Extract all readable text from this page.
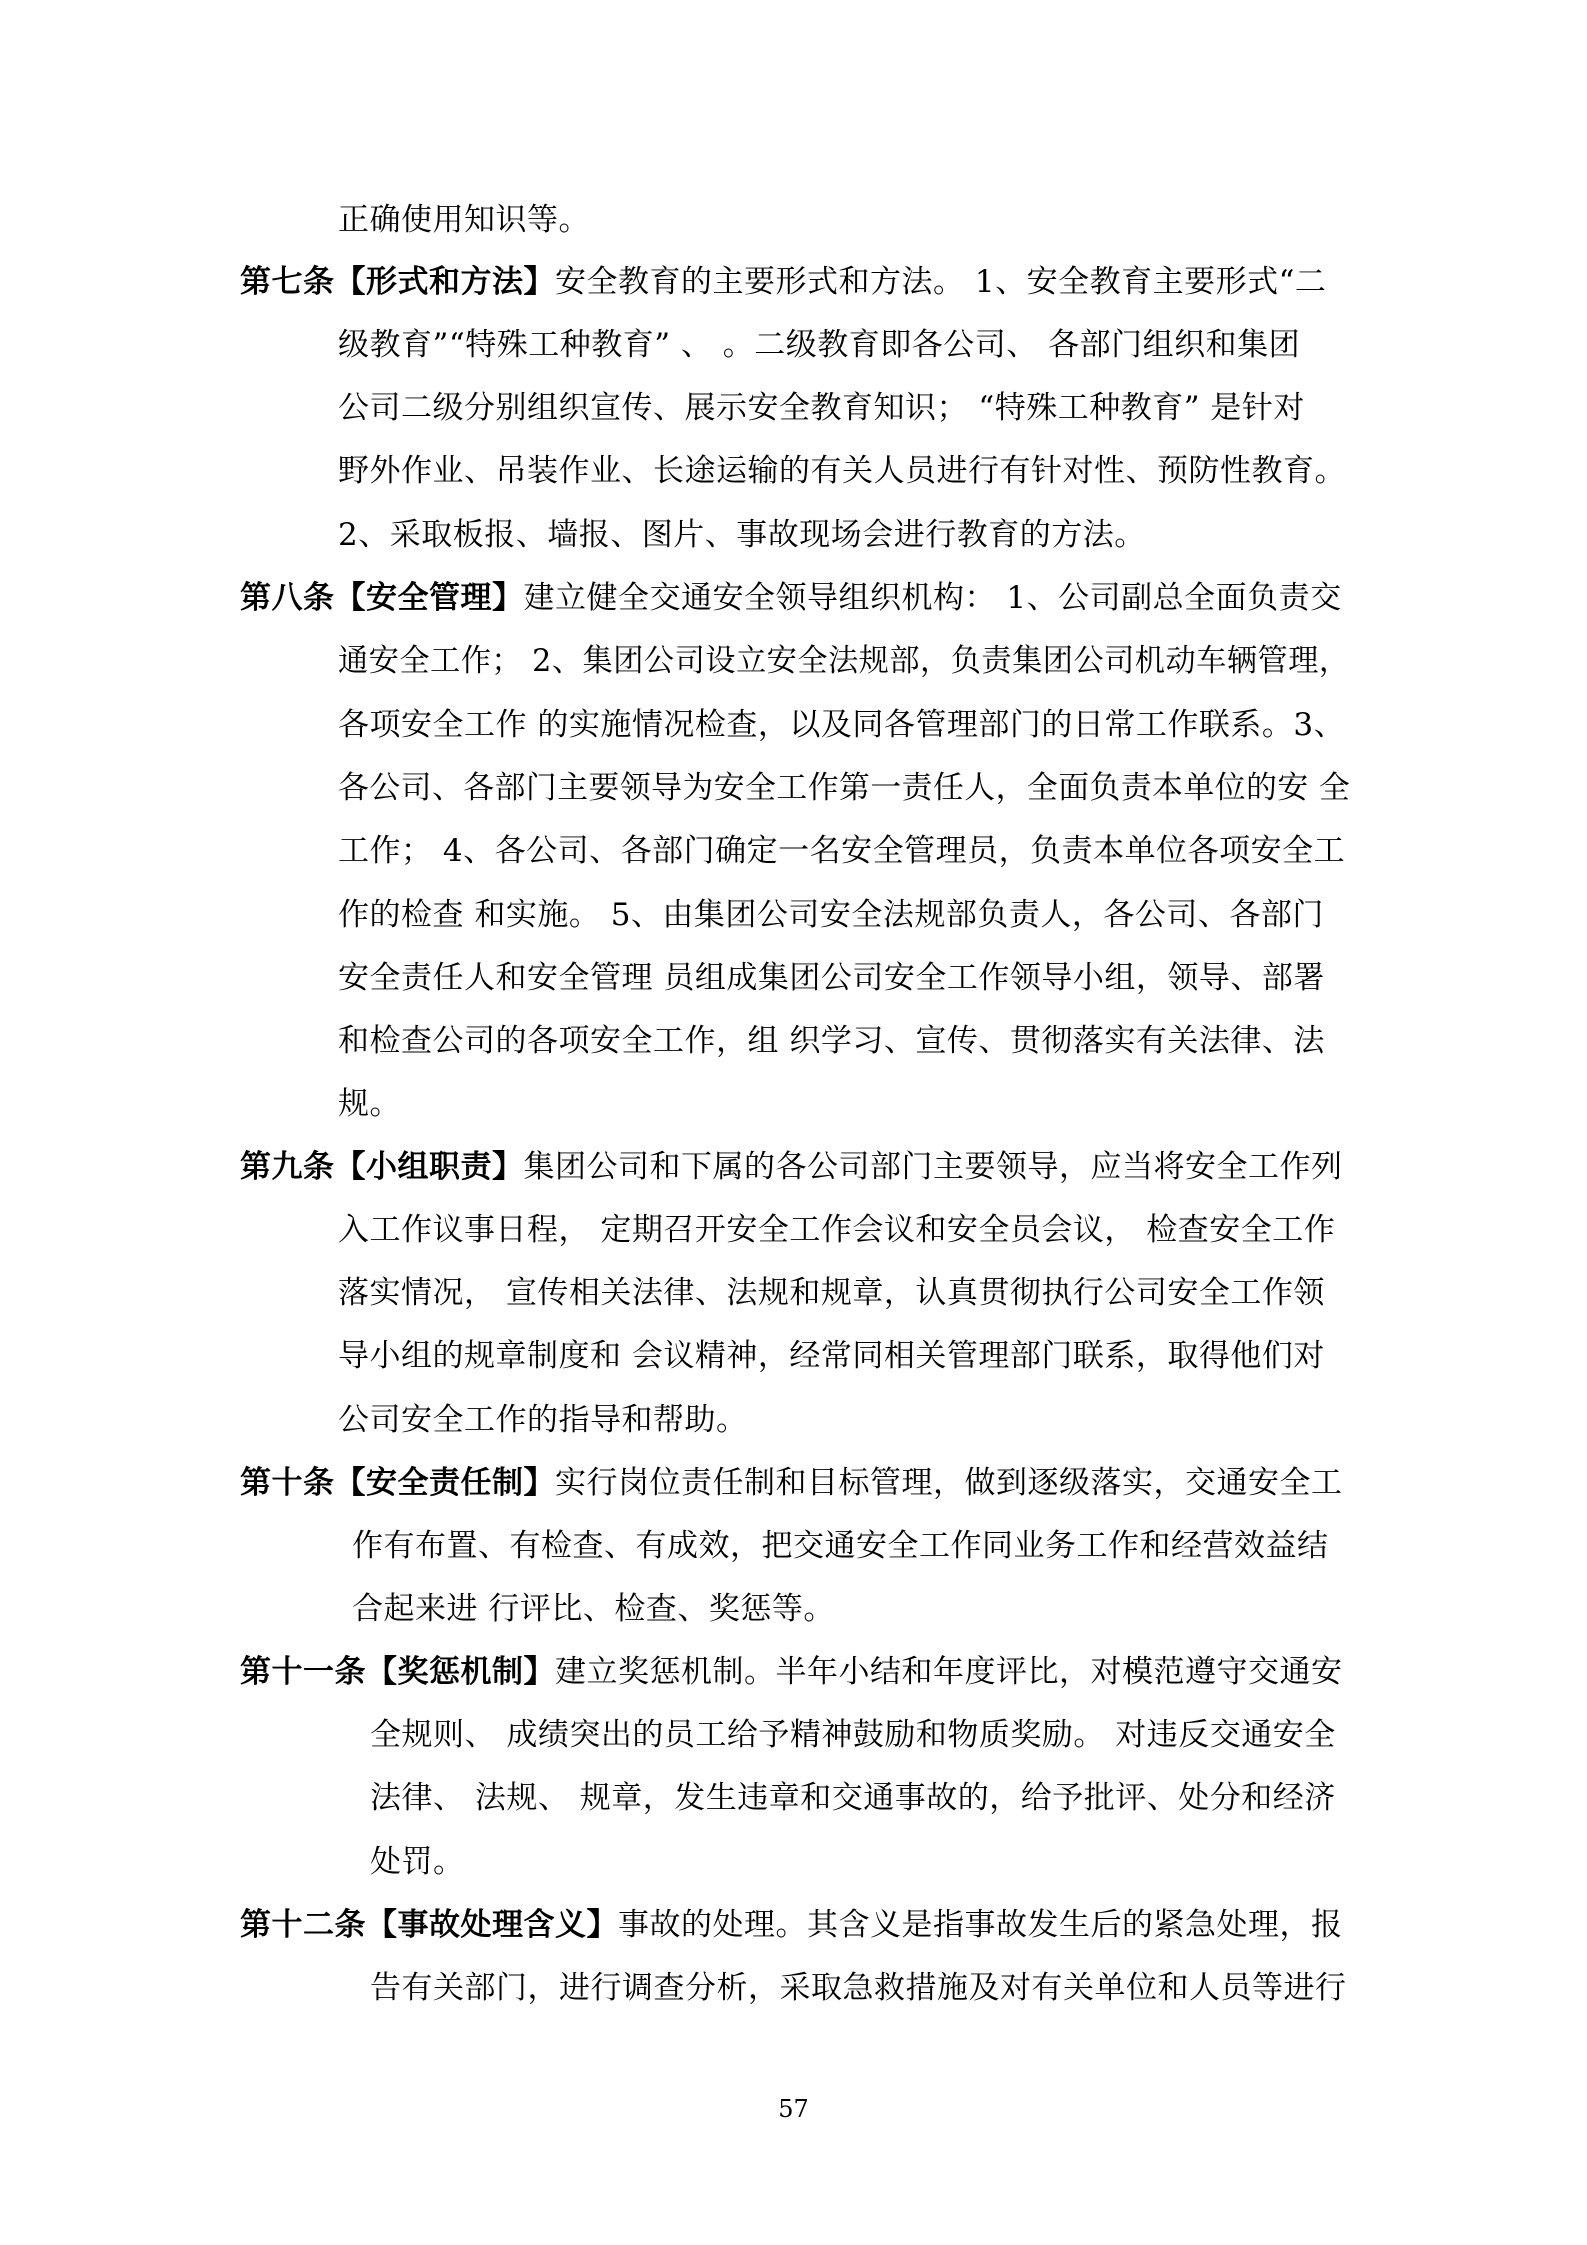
正确使用知识等。
第七条【形式和方法】安全教育的主要形式和方法。 1、安全教育主要形式“二
级教育”“特殊工种教育” 、 。二级教育即各公司、 各部门组织和集团
公司二级分别组织宣传、展示安全教育知识； “特殊工种教育” 是针对
野外作业、吊装作业、长途运输的有关人员进行有针对性、预防性教育。
2、采取板报、墙报、图片、事故现场会进行教育的方法。
第八条【安全管理】建立健全交通安全领导组织机构： 1、公司副总全面负责交
通安全工作； 2、集团公司设立安全法规部，负责集团公司机动车辆管理，
各项安全工作 的实施情况检查，以及同各管理部门的日常工作联系。3、
各公司、各部门主要领导为安全工作第一责任人，全面负责本单位的安 全
工作； 4、各公司、各部门确定一名安全管理员，负责本单位各项安全工
作的检查 和实施。 5、由集团公司安全法规部负责人，各公司、各部门
安全责任人和安全管理 员组成集团公司安全工作领导小组，领导、部署
和检查公司的各项安全工作，组 织学习、宣传、贯彻落实有关法律、法
规。
第九条【小组职责】集团公司和下属的各公司部门主要领导，应当将安全工作列
入工作议事日程， 定期召开安全工作会议和安全员会议， 检查安全工作
落实情况， 宣传相关法律、法规和规章，认真贯彻执行公司安全工作领
导小组的规章制度和 会议精神，经常同相关管理部门联系，取得他们对
公司安全工作的指导和帮助。
第十条【安全责任制】实行岗位责任制和目标管理，做到逐级落实，交通安全工
作有布置、有检查、有成效，把交通安全工作同业务工作和经营效益结
合起来进 行评比、检查、奖惩等。
第十一条【奖惩机制】建立奖惩机制。半年小结和年度评比，对模范遵守交通安
全规则、 成绩突出的员工给予精神鼓励和物质奖励。 对违反交通安全
法律、 法规、 规章，发生违章和交通事故的，给予批评、处分和经济
处罚。
第十二条【事故处理含义】事故的处理。其含义是指事故发生后的紧急处理，报
告有关部门，进行调查分析，采取急救措施及对有关单位和人员等进行
57
